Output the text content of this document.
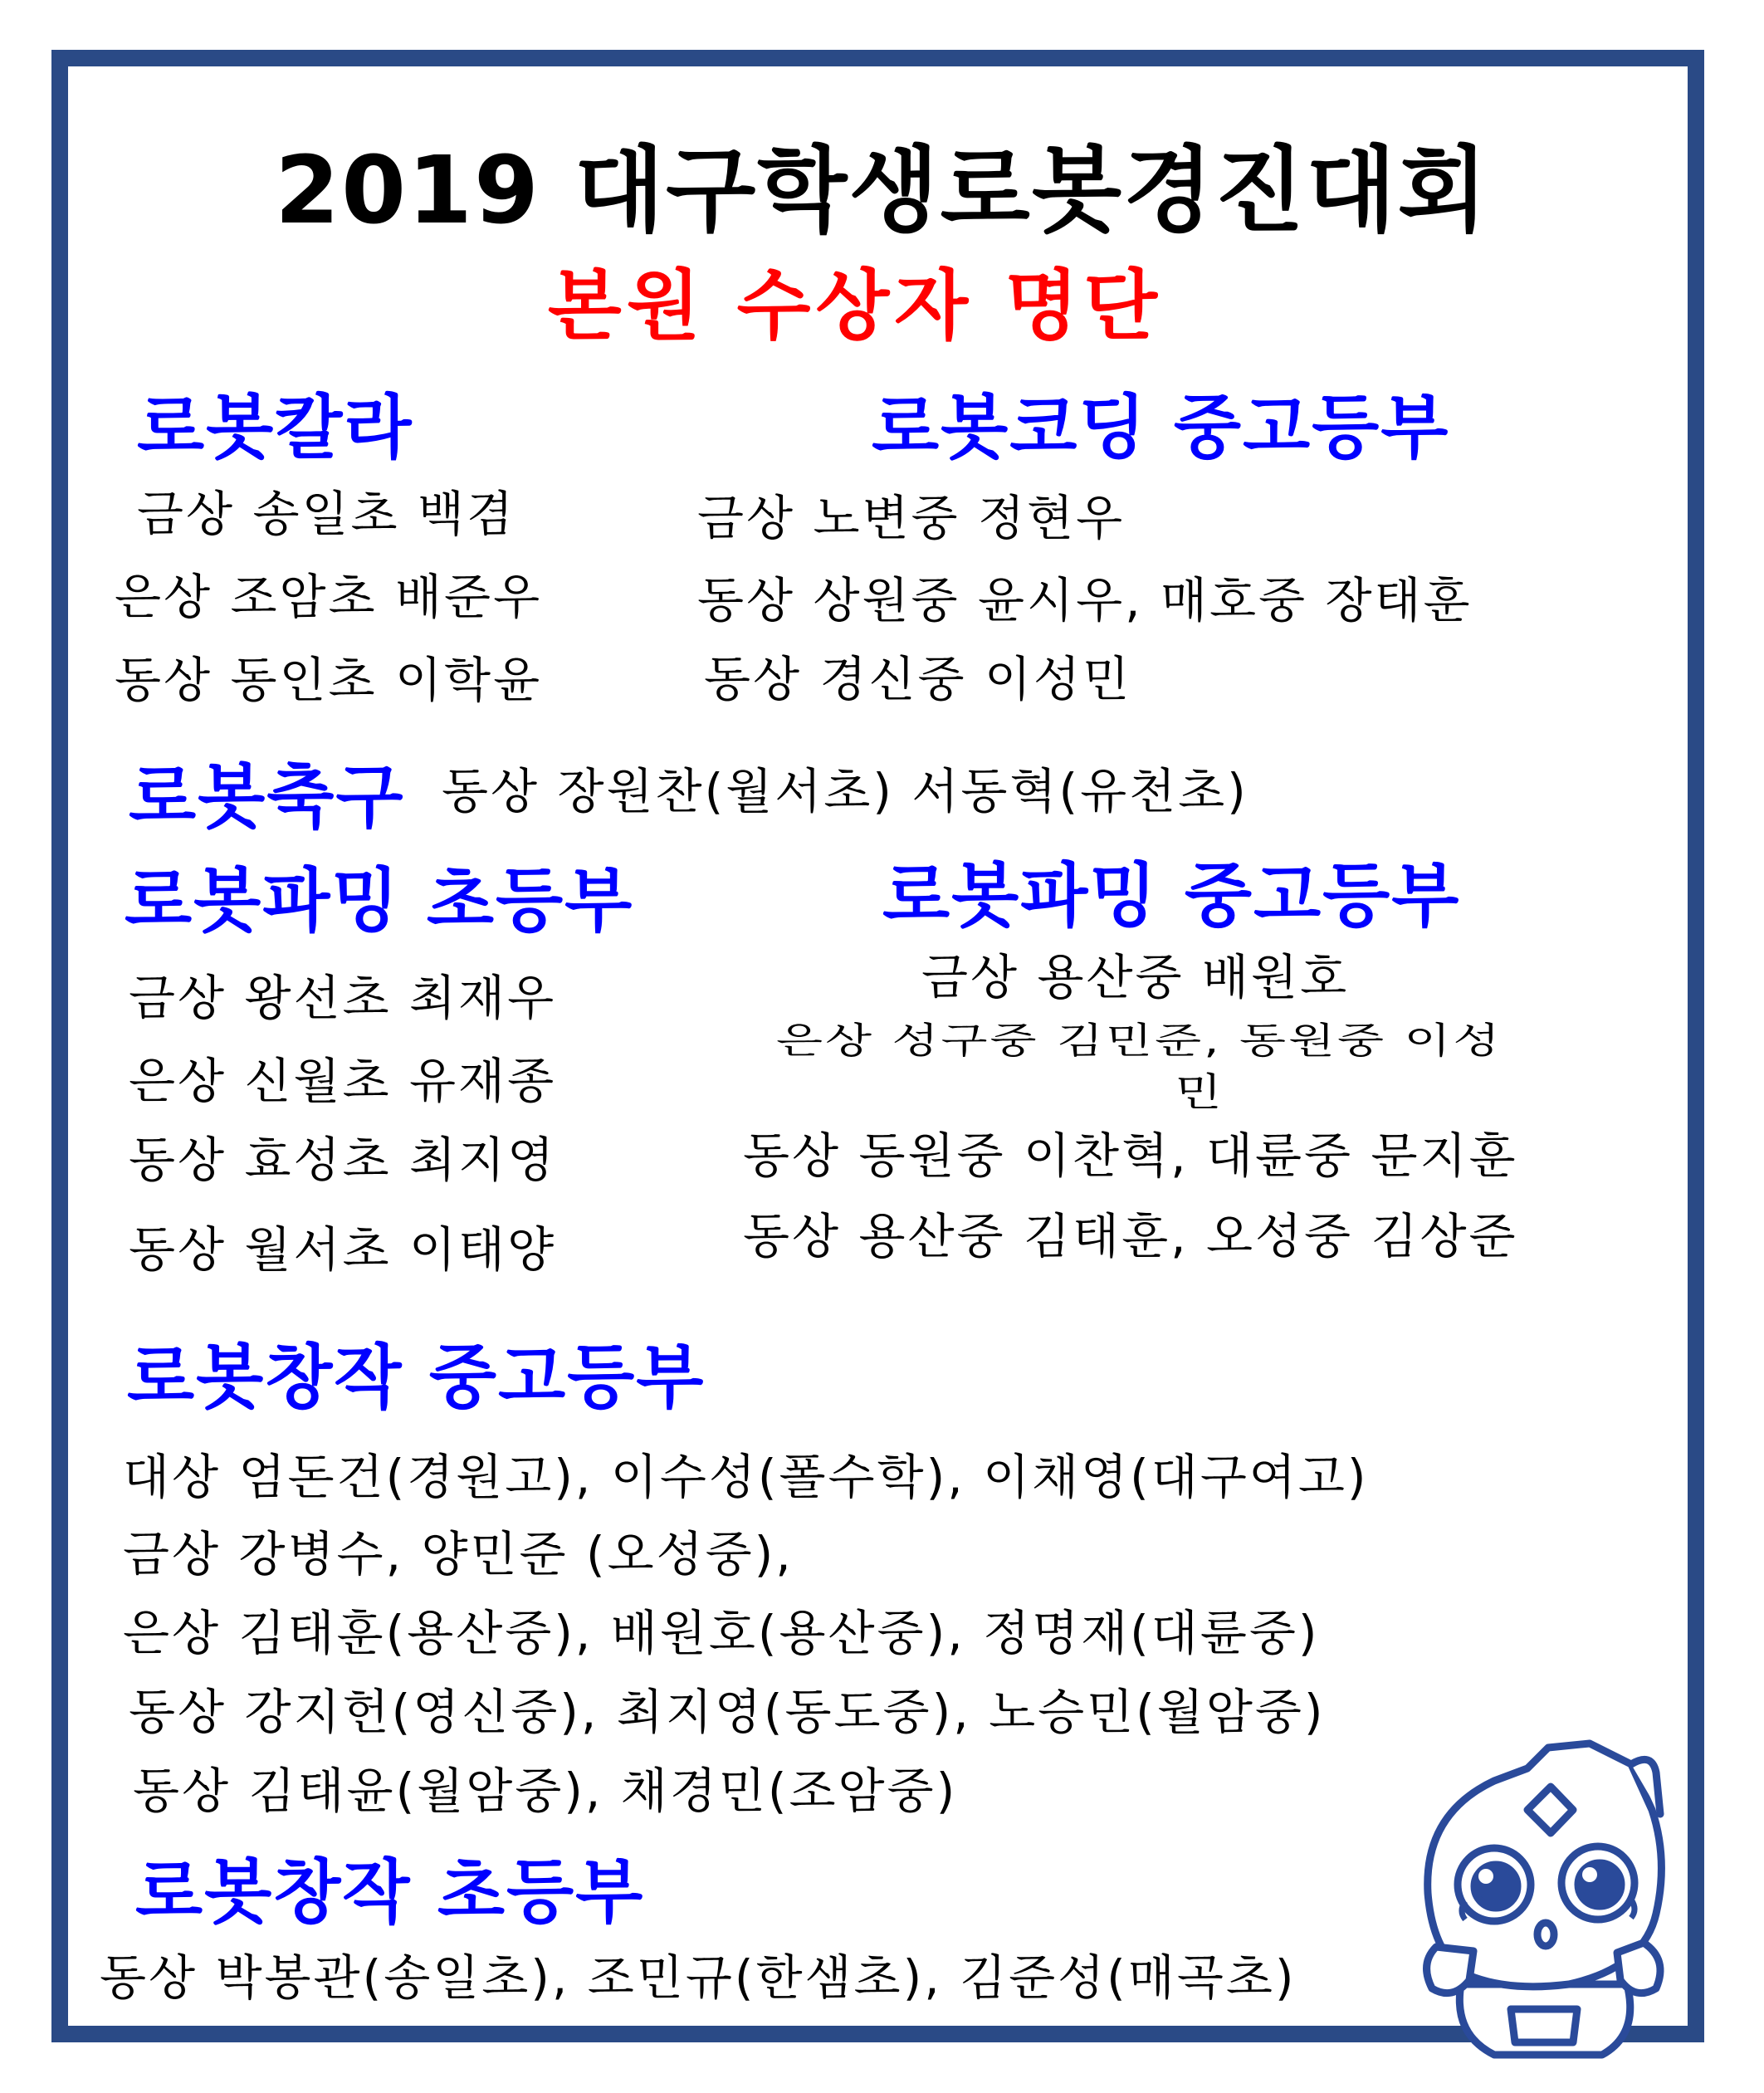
2019 대구학생로봇경진대회
본원 수상자 명단
로봇칼라
금상 송일초 백겸
은상 조암초 배준우
동상 동인초 이학윤
로봇코딩 중고등부
금상 노변중 정현우
동상 상원중 윤시우, 매호중 장태훈
동상 경신중 이성민
로봇축구 동상 장원찬(월서초) 서동혁(유천초)
로봇파밍 초등부
금상 왕선초 최재우
은상 신월초 유재종
동상 효성초 최지영
동상 월서초 이태양
로봇파밍 중고등부
금상 용산중 배원호
은상 성구중 김민준, 동원중 이성
민
동상 동원중 이찬혁, 대륜중 문지훈
동상 용산중 김태훈, 오성중 김상준
로봇창작 중고등부
대상 엄돈건(경원고), 이수성(폴수학), 이채영(대구여고)
금상 강병수, 양민준 (오성중),
은상 김태훈(용산중), 배원호(용산중), 정명재(대륜중)
동상 강지헌(영신중), 최지영(동도중), 노승민(월암중)
동상 김태윤(월암중), 채경민(조암중)
로봇창작 초등부
동상 박봉관(송일초), 조민규(한샘초), 김준성(매곡초)
